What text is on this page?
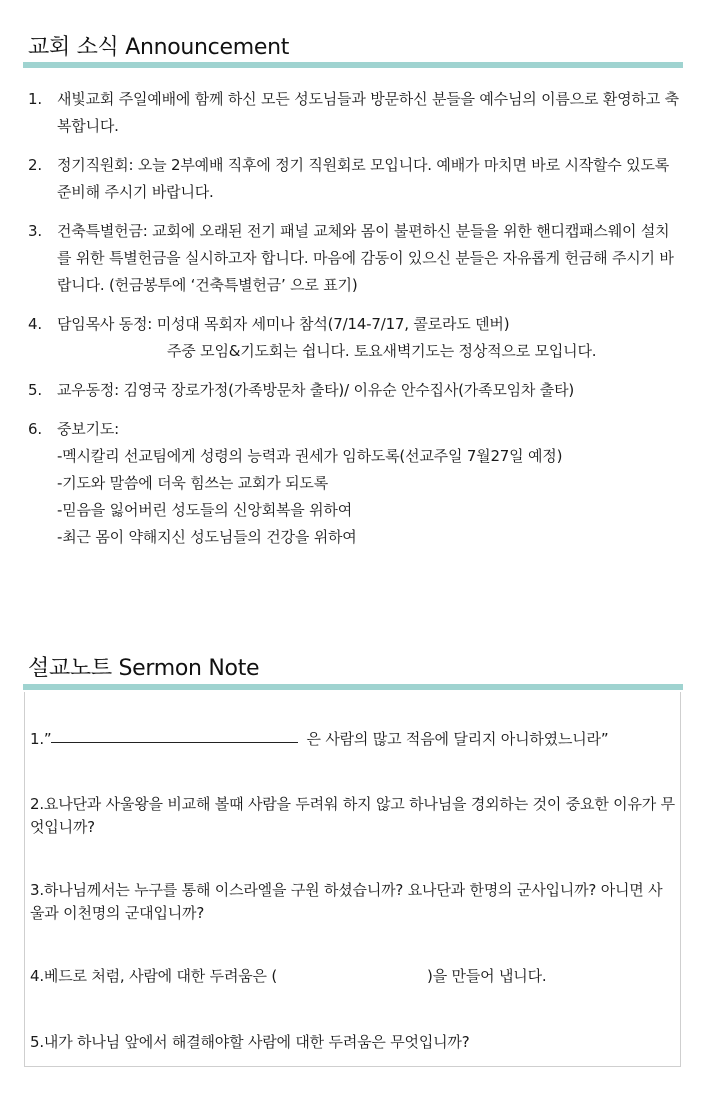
교회 소식 Announcement
1. 새빛교회 주일예배에 함께 하신 모든 성도님들과 방문하신 분들을 예수님의 이름으로 환영하고 축복합니다.
2. 정기직원회: 오늘 2부예배 직후에 정기 직원회로 모입니다. 예배가 마치면 바로 시작할수 있도록 준비해 주시기 바랍니다.
3. 건축특별헌금: 교회에 오래된 전기 패널 교체와 몸이 불편하신 분들을 위한 핸디캡패스웨이 설치를 위한 특별헌금을 실시하고자 합니다. 마음에 감동이 있으신 분들은 자유롭게 헌금해 주시기 바랍니다. (헌금봉투에 ‘건축특별헌금’ 으로 표기)
4. 담임목사 동정: 미성대 목회자 세미나 참석(7/14-7/17, 콜로라도 덴버)
주중 모임&기도회는 쉽니다. 토요새벽기도는 정상적으로 모입니다.
5. 교우동정: 김영국 장로가정(가족방문차 출타)/ 이유순 안수집사(가족모임차 출타)
6. 중보기도:
-멕시칼리 선교팀에게 성령의 능력과 권세가 임하도록(선교주일 7월27일 예정)
-기도와 말씀에 더욱 힘쓰는 교회가 되도록
-믿음을 잃어버린 성도들의 신앙회복을 위하여
-최근 몸이 약해지신 성도님들의 건강을 위하여
설교노트 Sermon Note

1.”	은 사람의 많고 적음에 달리지 아니하였느니라”

2.요나단과 사울왕을 비교해 볼때 사람을 두려워 하지 않고 하나님을 경외하는 것이 중요한 이유가 무엇입니까?

3.하나님께서는 누구를 통해 이스라엘을 구원 하셨습니까? 요나단과 한명의 군사입니까? 아니면 사울과 이천명의 군대입니까?

4.베드로 처럼, 사람에 대한 두려움은 (	)을 만들어 냅니다.

5.내가 하나님 앞에서 해결해야할 사람에 대한 두려움은 무엇입니까?
